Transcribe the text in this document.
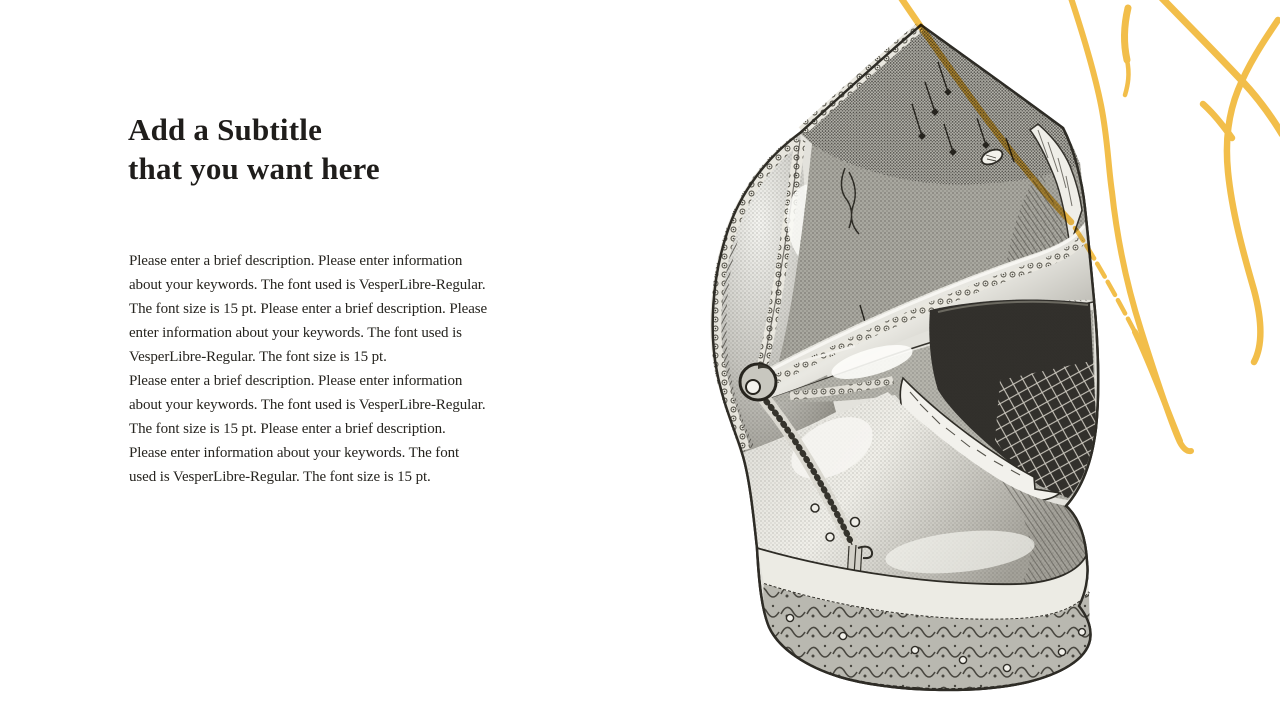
Add a Subtitle
that you want here
Please enter a brief description. Please enter information
about your keywords. The font used is VesperLibre-Regular.
The font size is 15 pt. Please enter a brief description. Please
enter information about your keywords. The font used is
VesperLibre-Regular. The font size is 15 pt.
Please enter a brief description. Please enter information
about your keywords. The font used is VesperLibre-Regular.
The font size is 15 pt. Please enter a brief description.
Please enter information about your keywords. The font
used is VesperLibre-Regular. The font size is 15 pt.
